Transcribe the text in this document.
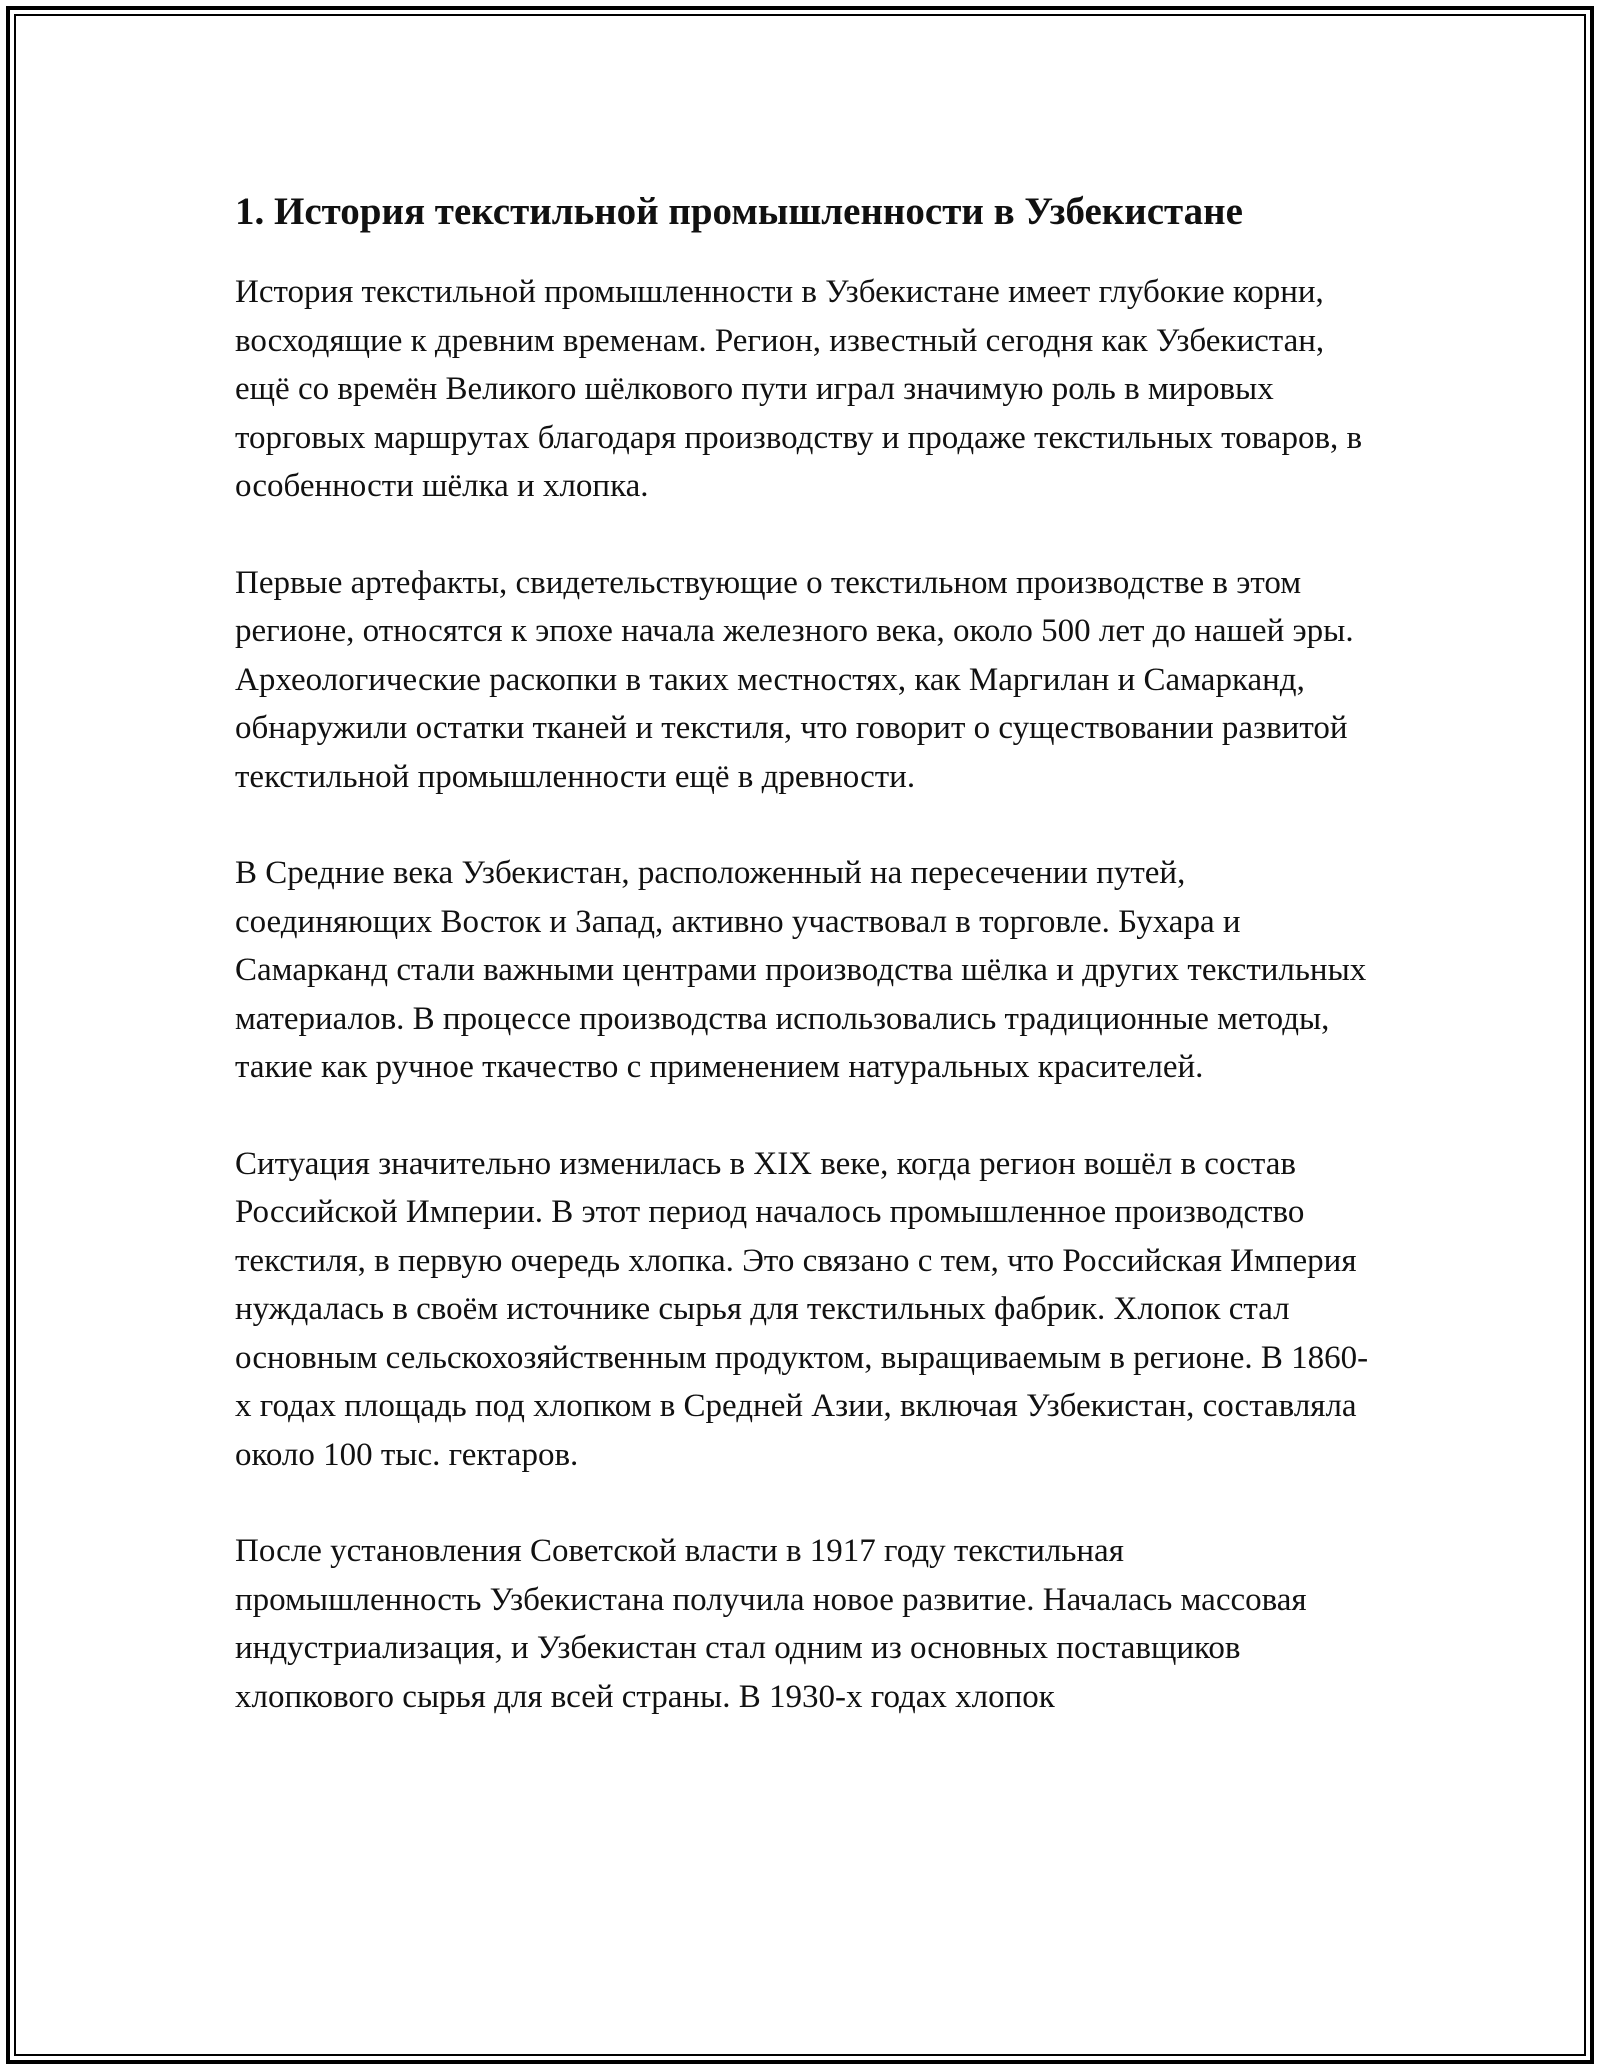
1. История текстильной промышленности в Узбекистане

История текстильной промышленности в Узбекистане имеет глубокие корни, восходящие к древним временам. Регион, известный сегодня как Узбекистан, ещё со времён Великого шёлкового пути играл значимую роль в мировых торговых маршрутах благодаря производству и продаже текстильных товаров, в особенности шёлка и хлопка.

Первые артефакты, свидетельствующие о текстильном производстве в этом регионе, относятся к эпохе начала железного века, около 500 лет до нашей эры. Археологические раскопки в таких местностях, как Маргилан и Самарканд, обнаружили остатки тканей и текстиля, что говорит о существовании развитой текстильной промышленности ещё в древности.

В Средние века Узбекистан, расположенный на пересечении путей, соединяющих Восток и Запад, активно участвовал в торговле. Бухара и Самарканд стали важными центрами производства шёлка и других текстильных материалов. В процессе производства использовались традиционные методы, такие как ручное ткачество с применением натуральных красителей.

Ситуация значительно изменилась в XIX веке, когда регион вошёл в состав Российской Империи. В этот период началось промышленное производство текстиля, в первую очередь хлопка. Это связано с тем, что Российская Империя нуждалась в своём источнике сырья для текстильных фабрик. Хлопок стал основным сельскохозяйственным продуктом, выращиваемым в регионе. В 1860-х годах площадь под хлопком в Средней Азии, включая Узбекистан, составляла около 100 тыс. гектаров.

После установления Советской власти в 1917 году текстильная промышленность Узбекистана получила новое развитие. Началась массовая индустриализация, и Узбекистан стал одним из основных поставщиков хлопкового сырья для всей страны. В 1930-х годах хлопок
